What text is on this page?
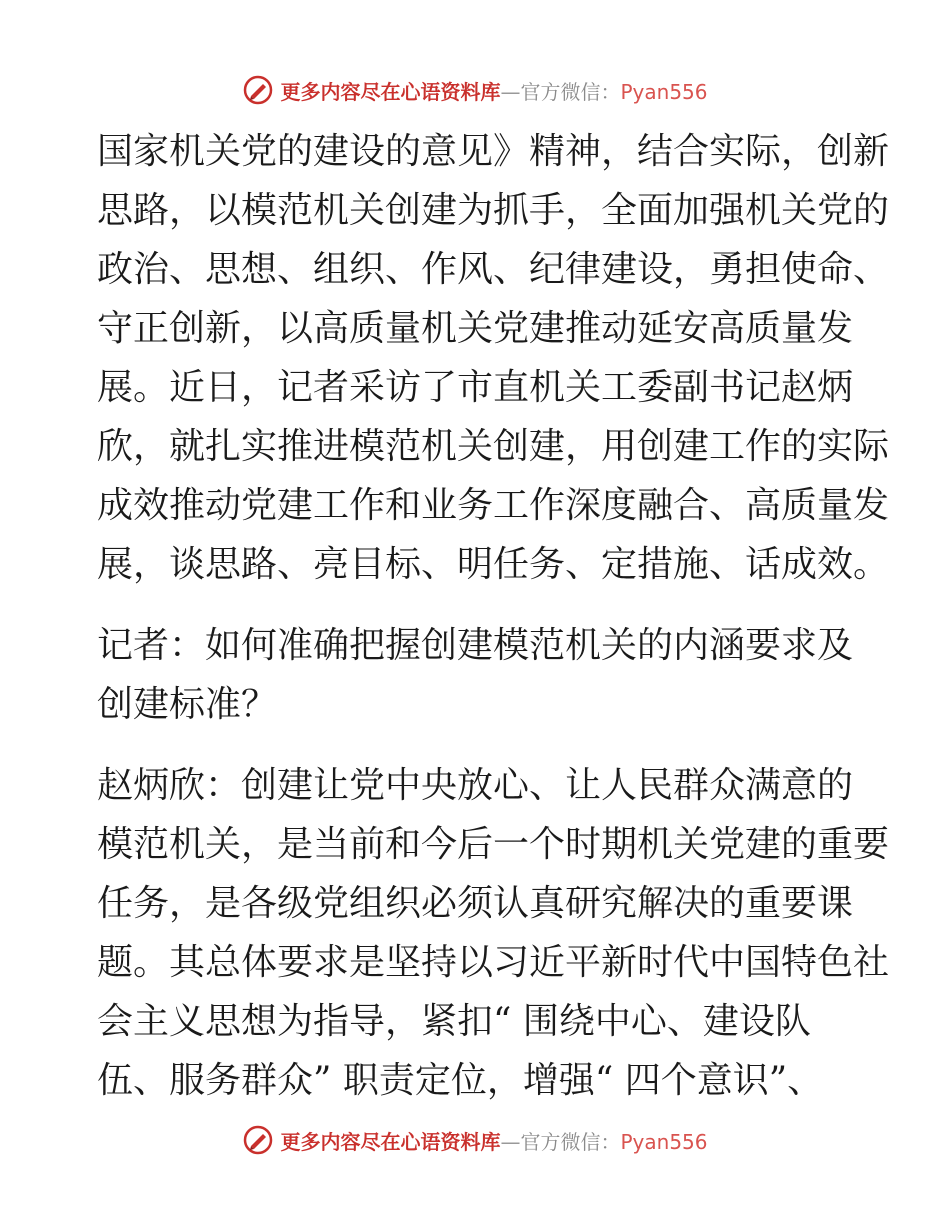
更多内容尽在心语资料库—官方微信：Pyan556

国家机关党的建设的意见》精神，结合实际，创新
思路，以模范机关创建为抓手，全面加强机关党的
政治、思想、组织、作风、纪律建设，勇担使命、
守正创新，以高质量机关党建推动延安高质量发
展。近日，记者采访了市直机关工委副书记赵炳
欣，就扎实推进模范机关创建，用创建工作的实际
成效推动党建工作和业务工作深度融合、高质量发
展，谈思路、亮目标、明任务、定措施、话成效。

记者：如何准确把握创建模范机关的内涵要求及
创建标准？

赵炳欣：创建让党中央放心、让人民群众满意的
模范机关，是当前和今后一个时期机关党建的重要
任务，是各级党组织必须认真研究解决的重要课
题。其总体要求是坚持以习近平新时代中国特色社
会主义思想为指导，紧扣“ 围绕中心、建设队
伍、服务群众” 职责定位，增强“ 四个意识”、

更多内容尽在心语资料库—官方微信：Pyan556
